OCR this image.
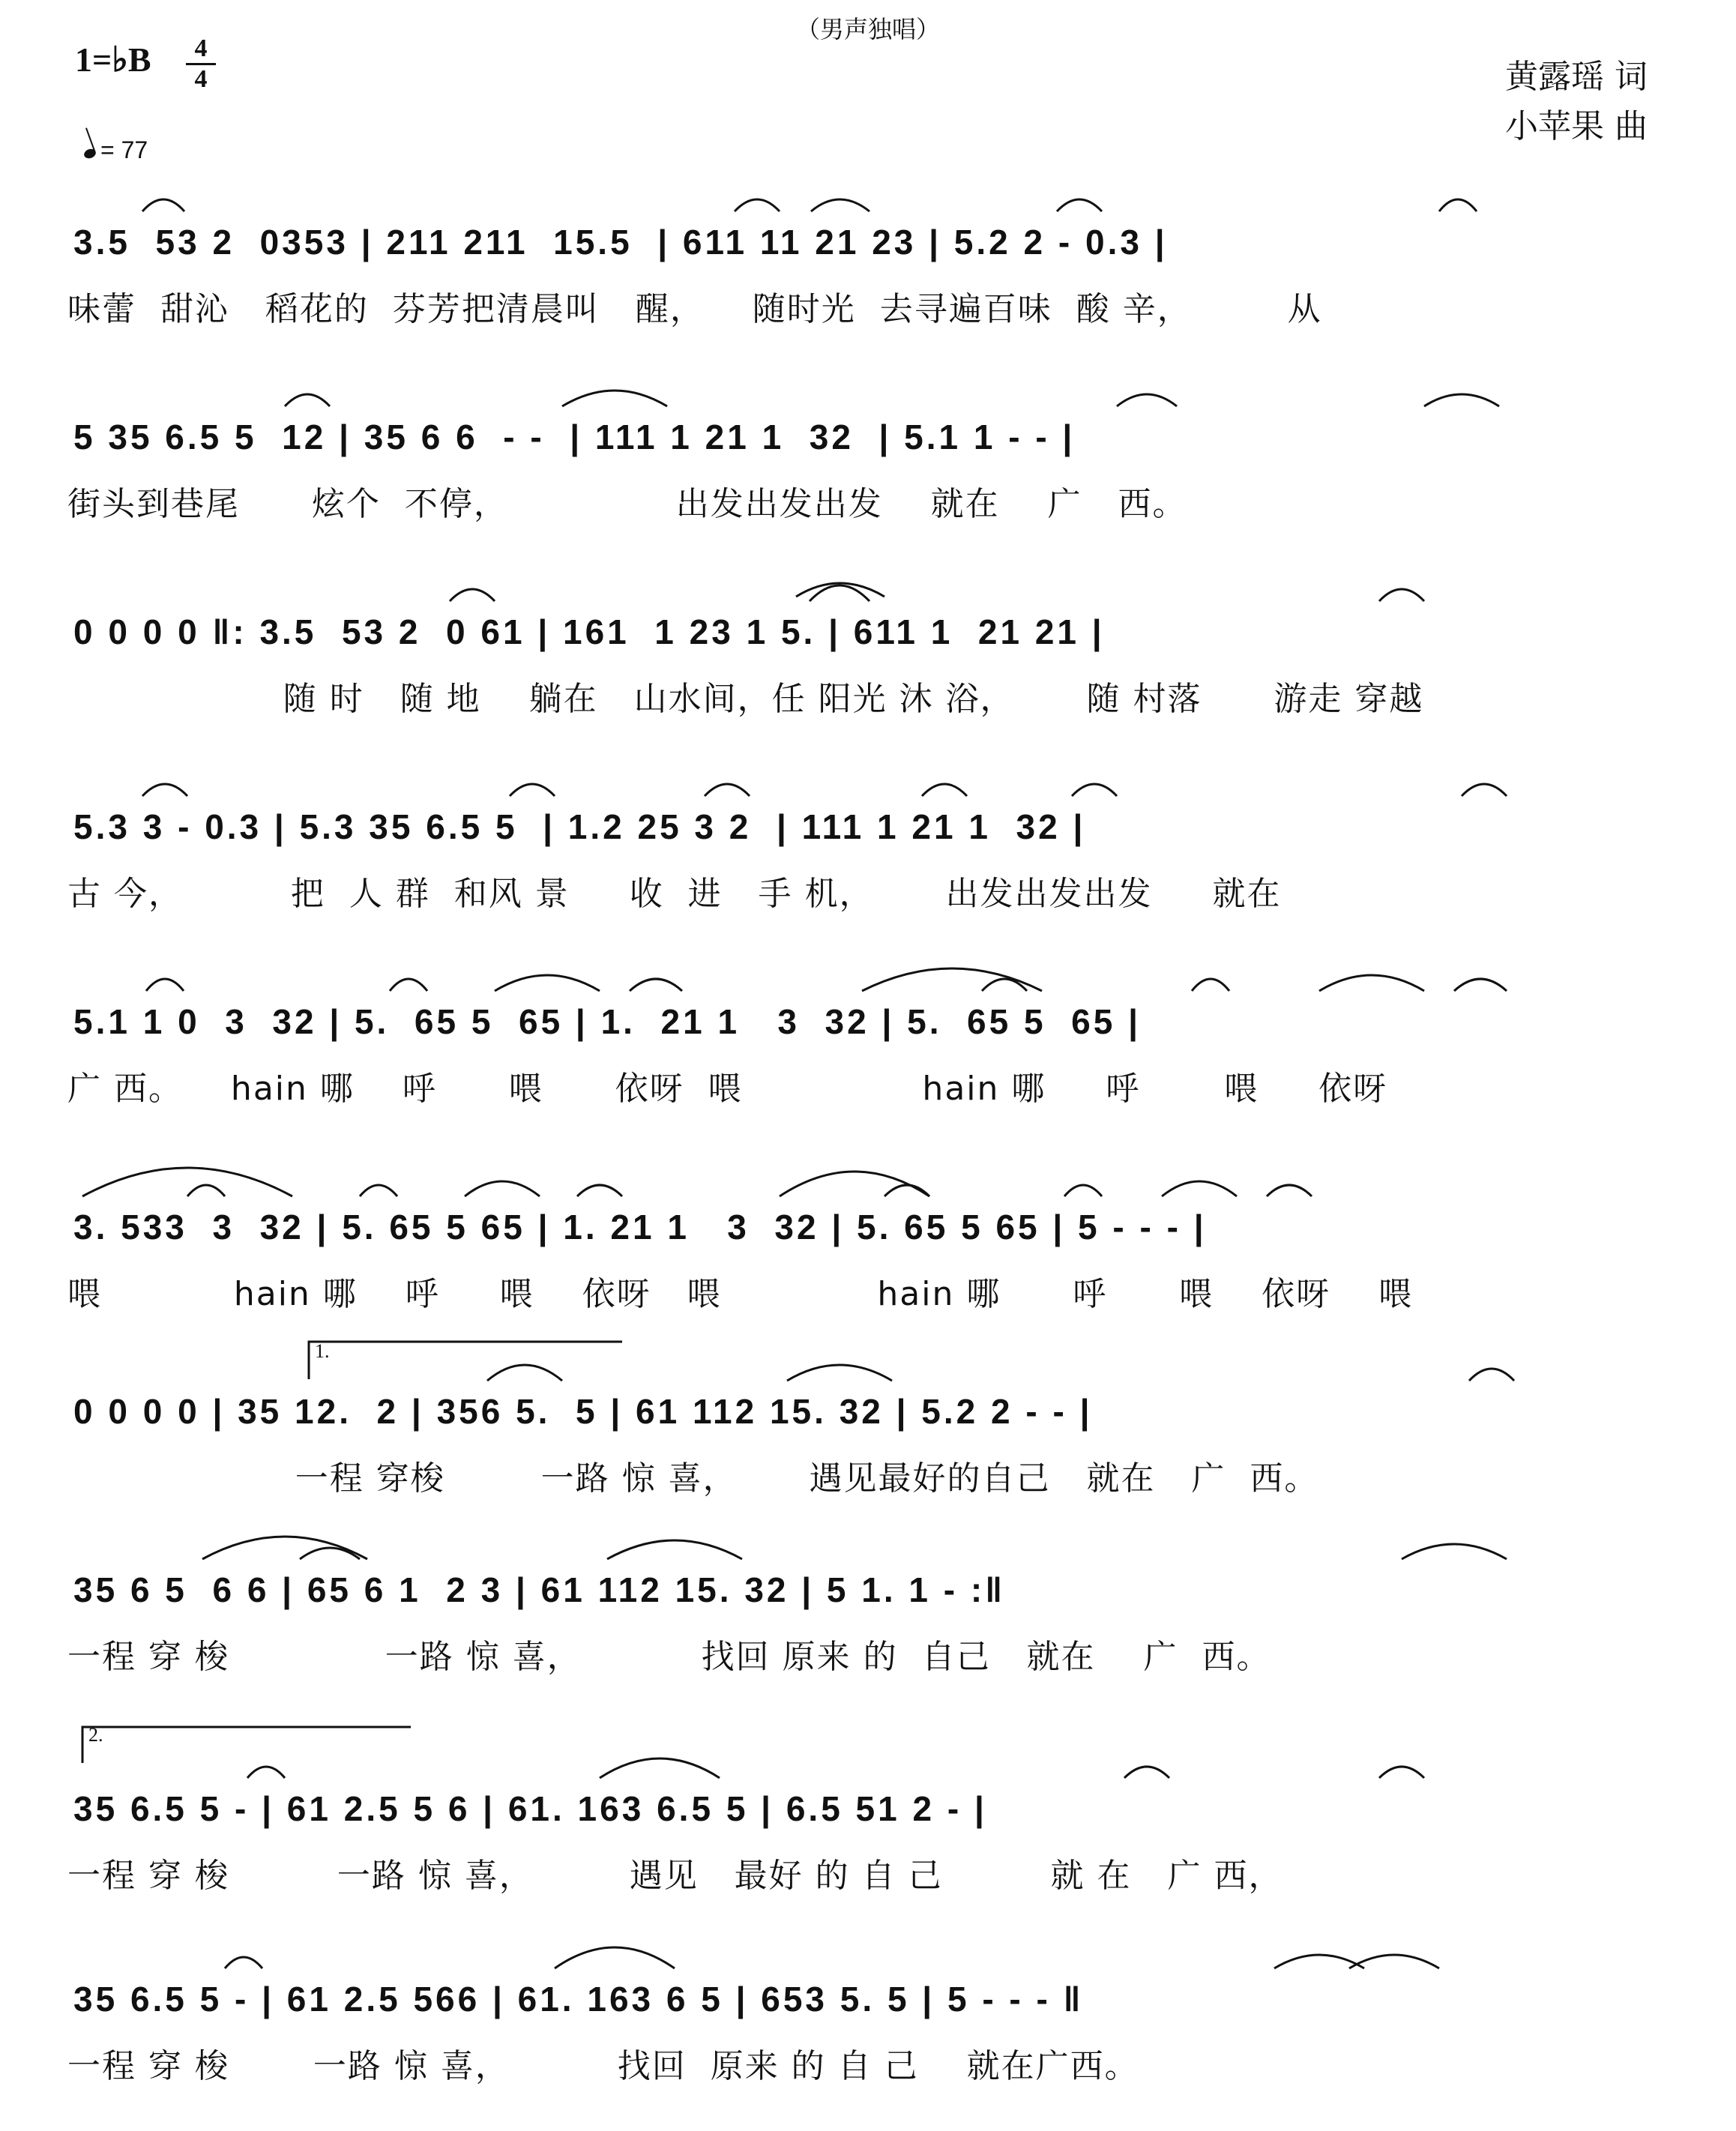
（男声独唱）
1=♭B	4
4	黄露瑶 词
小苹果 曲
= 77
3.5  53 2  0353 | 211 211  15.5  | 611 11 21 23 | 5.2 2 - 0.3 |
味蕾  甜沁   稻花的  芬芳把清晨叫   醒，    随时光  去寻遍百味  酸 辛，        从
5 35 6.5 5  12 | 35 6 6  - -  | 111 1 21 1  32  | 5.1 1 - - |
街头到巷尾      炫个  不停，              出发出发出发    就在    广   西。
0 0 0 0 ‖: 3.5  53 2  0 61 | 161  1 23 1 5. | 611 1  21 21 |
随 时   随 地    躺在   山水间，任 阳光 沐 浴，      随 村落      游走 穿越
5.3 3 - 0.3 | 5.3 35 6.5 5  | 1.2 25 3 2  | 111 1 21 1  32 |
古 今，         把  人 群  和风 景     收  进   手 机，      出发出发出发     就在
5.1 1 0  3  32 | 5.  65 5  65 | 1.  21 1   3  32 | 5.  65 5  65 |
广 西。    hain 哪    呼      喂      依呀  喂               hain 哪     呼       喂     依呀
3. 533  3  32 | 5. 65 5 65 | 1. 21 1   3  32 | 5. 65 5 65 | 5 - - - |
喂           hain 哪    呼     喂    依呀   喂             hain 哪      呼      喂    依呀    喂
1.
0 0 0 0 | 35 12.  2 | 356 5.  5 | 61 112 15. 32 | 5.2 2 - - |
一程 穿梭        一路 惊 喜，      遇见最好的自己   就在   广  西。
35 6 5  6 6 | 65 6 1  2 3 | 61 112 15. 32 | 5 1. 1 - :‖
一程 穿 梭             一路 惊 喜，          找回 原来 的  自己   就在    广  西。
2.
35 6.5 5 - | 61 2.5 5 6 | 61. 163 6.5 5 | 6.5 51 2 - |
一程 穿 梭         一路 惊 喜，        遇见   最好 的 自 己         就 在   广 西，
35 6.5 5 - | 61 2.5 566 | 61. 163 6 5 | 653 5. 5 | 5 - - - ‖
一程 穿 梭       一路 惊 喜，         找回  原来 的 自 己    就在广西。
